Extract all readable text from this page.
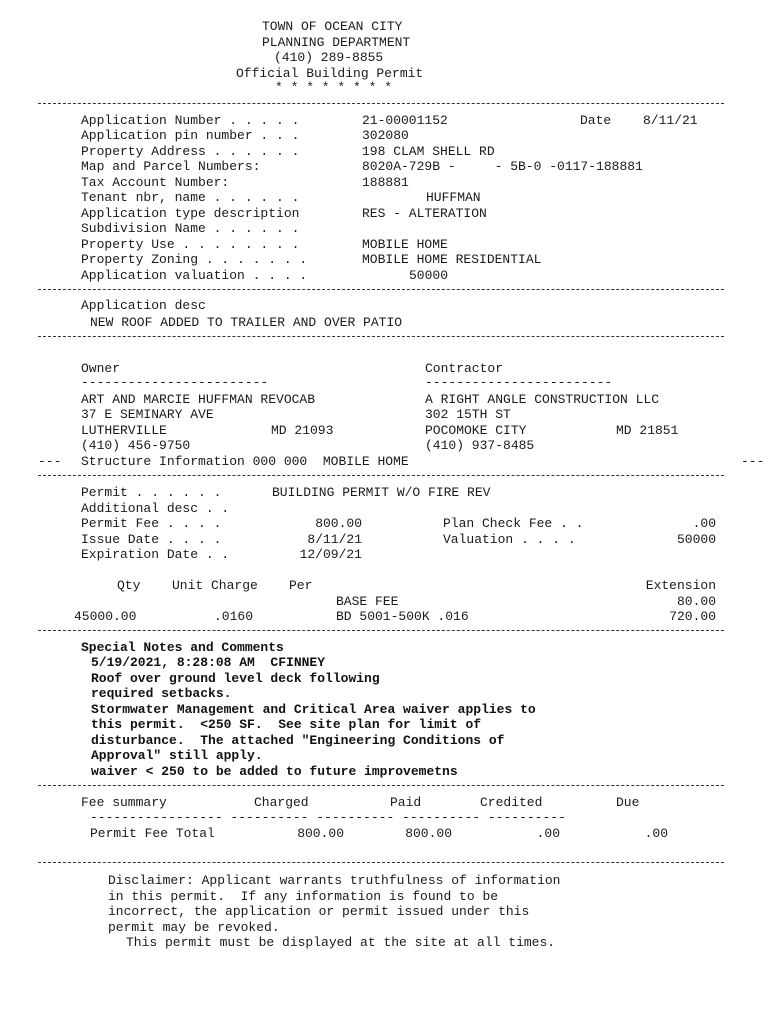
TOWN OF OCEAN CITY
PLANNING DEPARTMENT
(410) 289-8855
Official Building Permit
* * * * * * * *
Application Number . . . . .	21-00001152	Date 8/11/21
Application pin number . . .	302080
Property Address . . . . . .	198 CLAM SHELL RD
Map and Parcel Numbers:	8020A-729B -     - 5B-0 -0117-188881
Tax Account Number:	188881
Tenant nbr, name . . . . . .	HUFFMAN
Application type description	RES - ALTERATION
Subdivision Name . . . . . .
Property Use . . . . . . . .	MOBILE HOME
Property Zoning . . . . . . .	MOBILE HOME RESIDENTIAL
Application valuation . . . .	50000
Application desc
NEW ROOF ADDED TO TRAILER AND OVER PATIO
Owner
------------------------
ART AND MARCIE HUFFMAN REVOCAB
37 E SEMINARY AVE
LUTHERVILLE	MD 21093
(410) 456-9750
Contractor
------------------------
A RIGHT ANGLE CONSTRUCTION LLC
302 15TH ST
POCOMOKE CITY	MD 21851
(410) 937-8485
--- Structure Information 000 000  MOBILE HOME	---
Permit . . . . . .	BUILDING PERMIT W/O FIRE REV
Additional desc . .
Permit Fee . . . .	800.00	Plan Check Fee . .	.00
Issue Date . . . .	8/11/21	Valuation . . . .	50000
Expiration Date . .	12/09/21
Qty Unit Charge Per	Extension
BASE FEE	80.00
45000.00	.0160	BD 5001-500K .016	720.00
Special Notes and Comments
5/19/2021, 8:28:08 AM  CFINNEY
Roof over ground level deck following
required setbacks.
Stormwater Management and Critical Area waiver applies to
this permit.  <250 SF.  See site plan for limit of
disturbance.  The attached "Engineering Conditions of
Approval" still apply.
waiver < 250 to be added to future improvemetns
Fee summary	Charged	Paid	Credited	Due
----------------- ---------- ---------- ---------- ----------
Permit Fee Total	800.00	800.00	.00	.00
Disclaimer: Applicant warrants truthfulness of information
in this permit.  If any information is found to be
incorrect, the application or permit issued under this
permit may be revoked.
This permit must be displayed at the site at all times.
